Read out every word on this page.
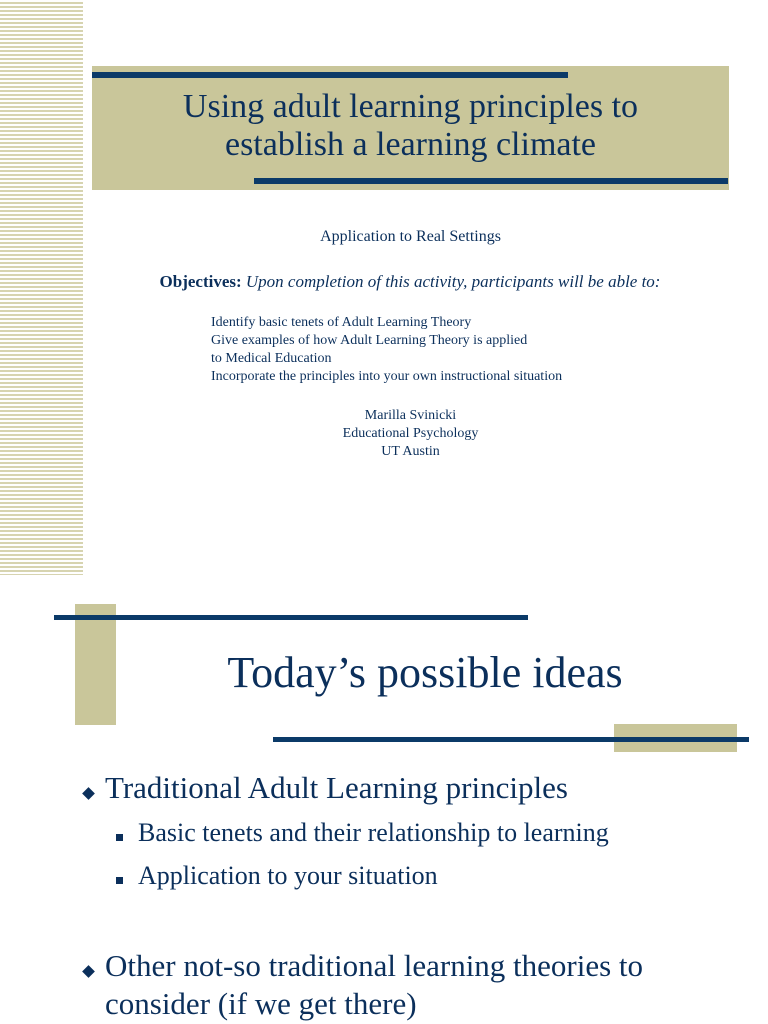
Using adult learning principles to
establish a learning climate
Application to Real Settings
Objectives: Upon completion of this activity, participants will be able to:
Identify basic tenets of Adult Learning Theory
Give examples of how Adult Learning Theory is applied
to Medical Education
Incorporate the principles into your own instructional situation
Marilla Svinicki
Educational Psychology
UT Austin
Today’s possible ideas
Traditional Adult Learning principles
Basic tenets and their relationship to learning
Application to your situation
Other not-so traditional learning theories to consider (if we get there)
